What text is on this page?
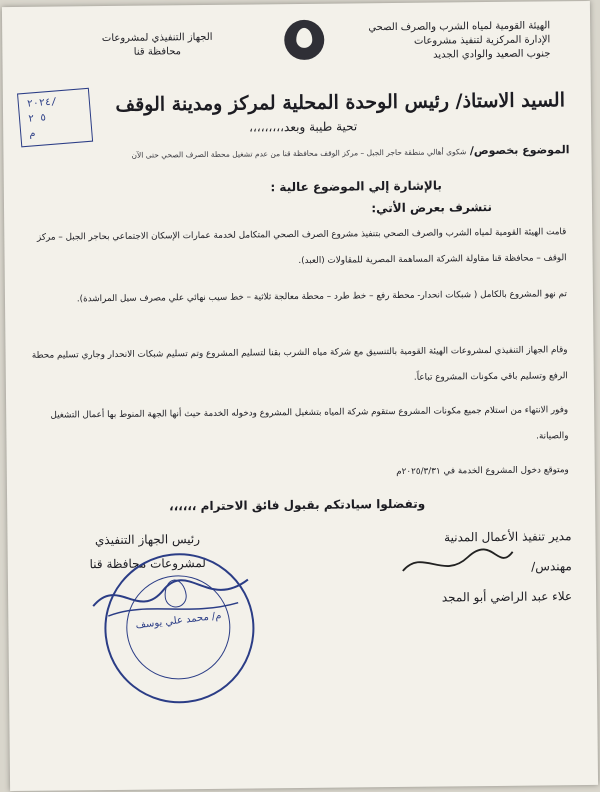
الهيئة القومية لمياه الشرب والصرف الصحي
الإدارة المركزية لتنفيذ مشروعات
جنوب الصعيد والوادي الجديد
الجهاز التنفيذي لمشروعات
محافظة قنا
٢٠٢٤/
٥ ٢
م
السيد الاستاذ/ رئيس الوحدة المحلية لمركز ومدينة الوقف
تحية طيبة وبعد،،،،،،،،،
الموضوع بخصوص/ شكوى أهالي منطقة حاجر الجبل – مركز الوقف محافظة قنا من عدم تشغيل محطة الصرف الصحي حتى الآن
بالإشارة إلي الموضوع عالية :
نتشرف بعرض الأتي:
قامت الهيئة القومية لمياه الشرب والصرف الصحي بتنفيذ مشروع الصرف الصحي المتكامل لخدمة عمارات الإسكان الاجتماعي بحاجر الجبل – مركز الوقف – محافظة قنا مقاولة الشركة المساهمة المصرية للمقاولات (العبد).
تم نهو المشروع بالكامل ( شبكات انحدار- محطة رفع – خط طرد – محطة معالجة ثلاثية – خط سيب نهائي علي مصرف سيل المراشدة).
وقام الجهاز التنفيذي لمشروعات الهيئة القومية بالتنسيق مع شركة مياه الشرب بقنا لتسليم المشروع وتم تسليم شبكات الانحدار وجاري تسليم محطة الرفع وتسليم باقي مكونات المشروع تباعاً.
وفور الانتهاء من استلام جميع مكونات المشروع ستقوم شركة المياه بتشغيل المشروع ودخوله الخدمة حيث أنها الجهة المنوط بها أعمال التشغيل والصيانة.
ومتوقع دخول المشروع الخدمة في ٢٠٢٥/٣/٣١م
وتفضلوا سيادتكم بقبول فائق الاحترام ،،،،،،
رئيس الجهاز التنفيذي
لمشروعات محافظة قنا
م/ محمد علي يوسف
مدير تنفيذ الأعمال المدنية
مهندس/
علاء عبد الراضي أبو المجد
